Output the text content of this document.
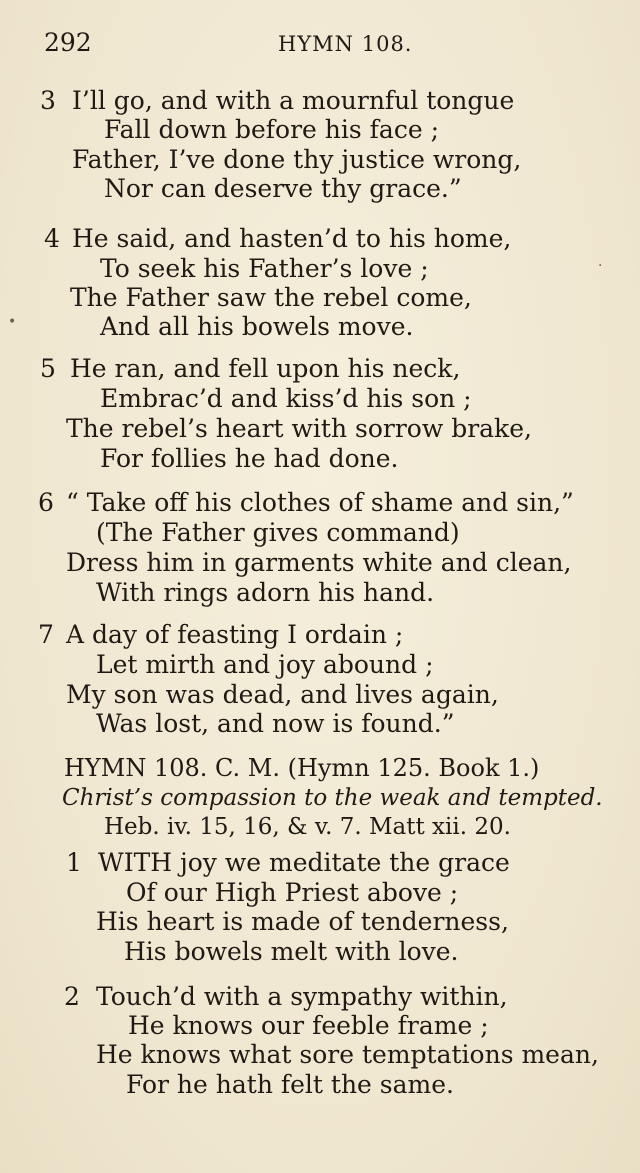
292	HYMN 108.
3 I’ll go, and with a mournful tongue
Fall down before his face ;
Father, I’ve done thy justice wrong,
Nor can deserve thy grace.”
4 He said, and hasten’d to his home,
To seek his Father’s love ;
The Father saw the rebel come,
And all his bowels move.
5 He ran, and fell upon his neck,
Embrac’d and kiss’d his son ;
The rebel’s heart with sorrow brake,
For follies he had done.
6 “ Take off his clothes of shame and sin,”
(The Father gives command)
Dress him in garments white and clean,
With rings adorn his hand.
7 A day of feasting I ordain ;
Let mirth and joy abound ;
My son was dead, and lives again,
Was lost, and now is found.”
HYMN 108. C. M. (Hymn 125. Book 1.)
Christ’s compassion to the weak and tempted.
Heb. iv. 15, 16, & v. 7. Matt xii. 20.
1 WITH joy we meditate the grace
Of our High Priest above ;
His heart is made of tenderness,
His bowels melt with love.
2 Touch’d with a sympathy within,
He knows our feeble frame ;
He knows what sore temptations mean,
For he hath felt the same.
•
·
